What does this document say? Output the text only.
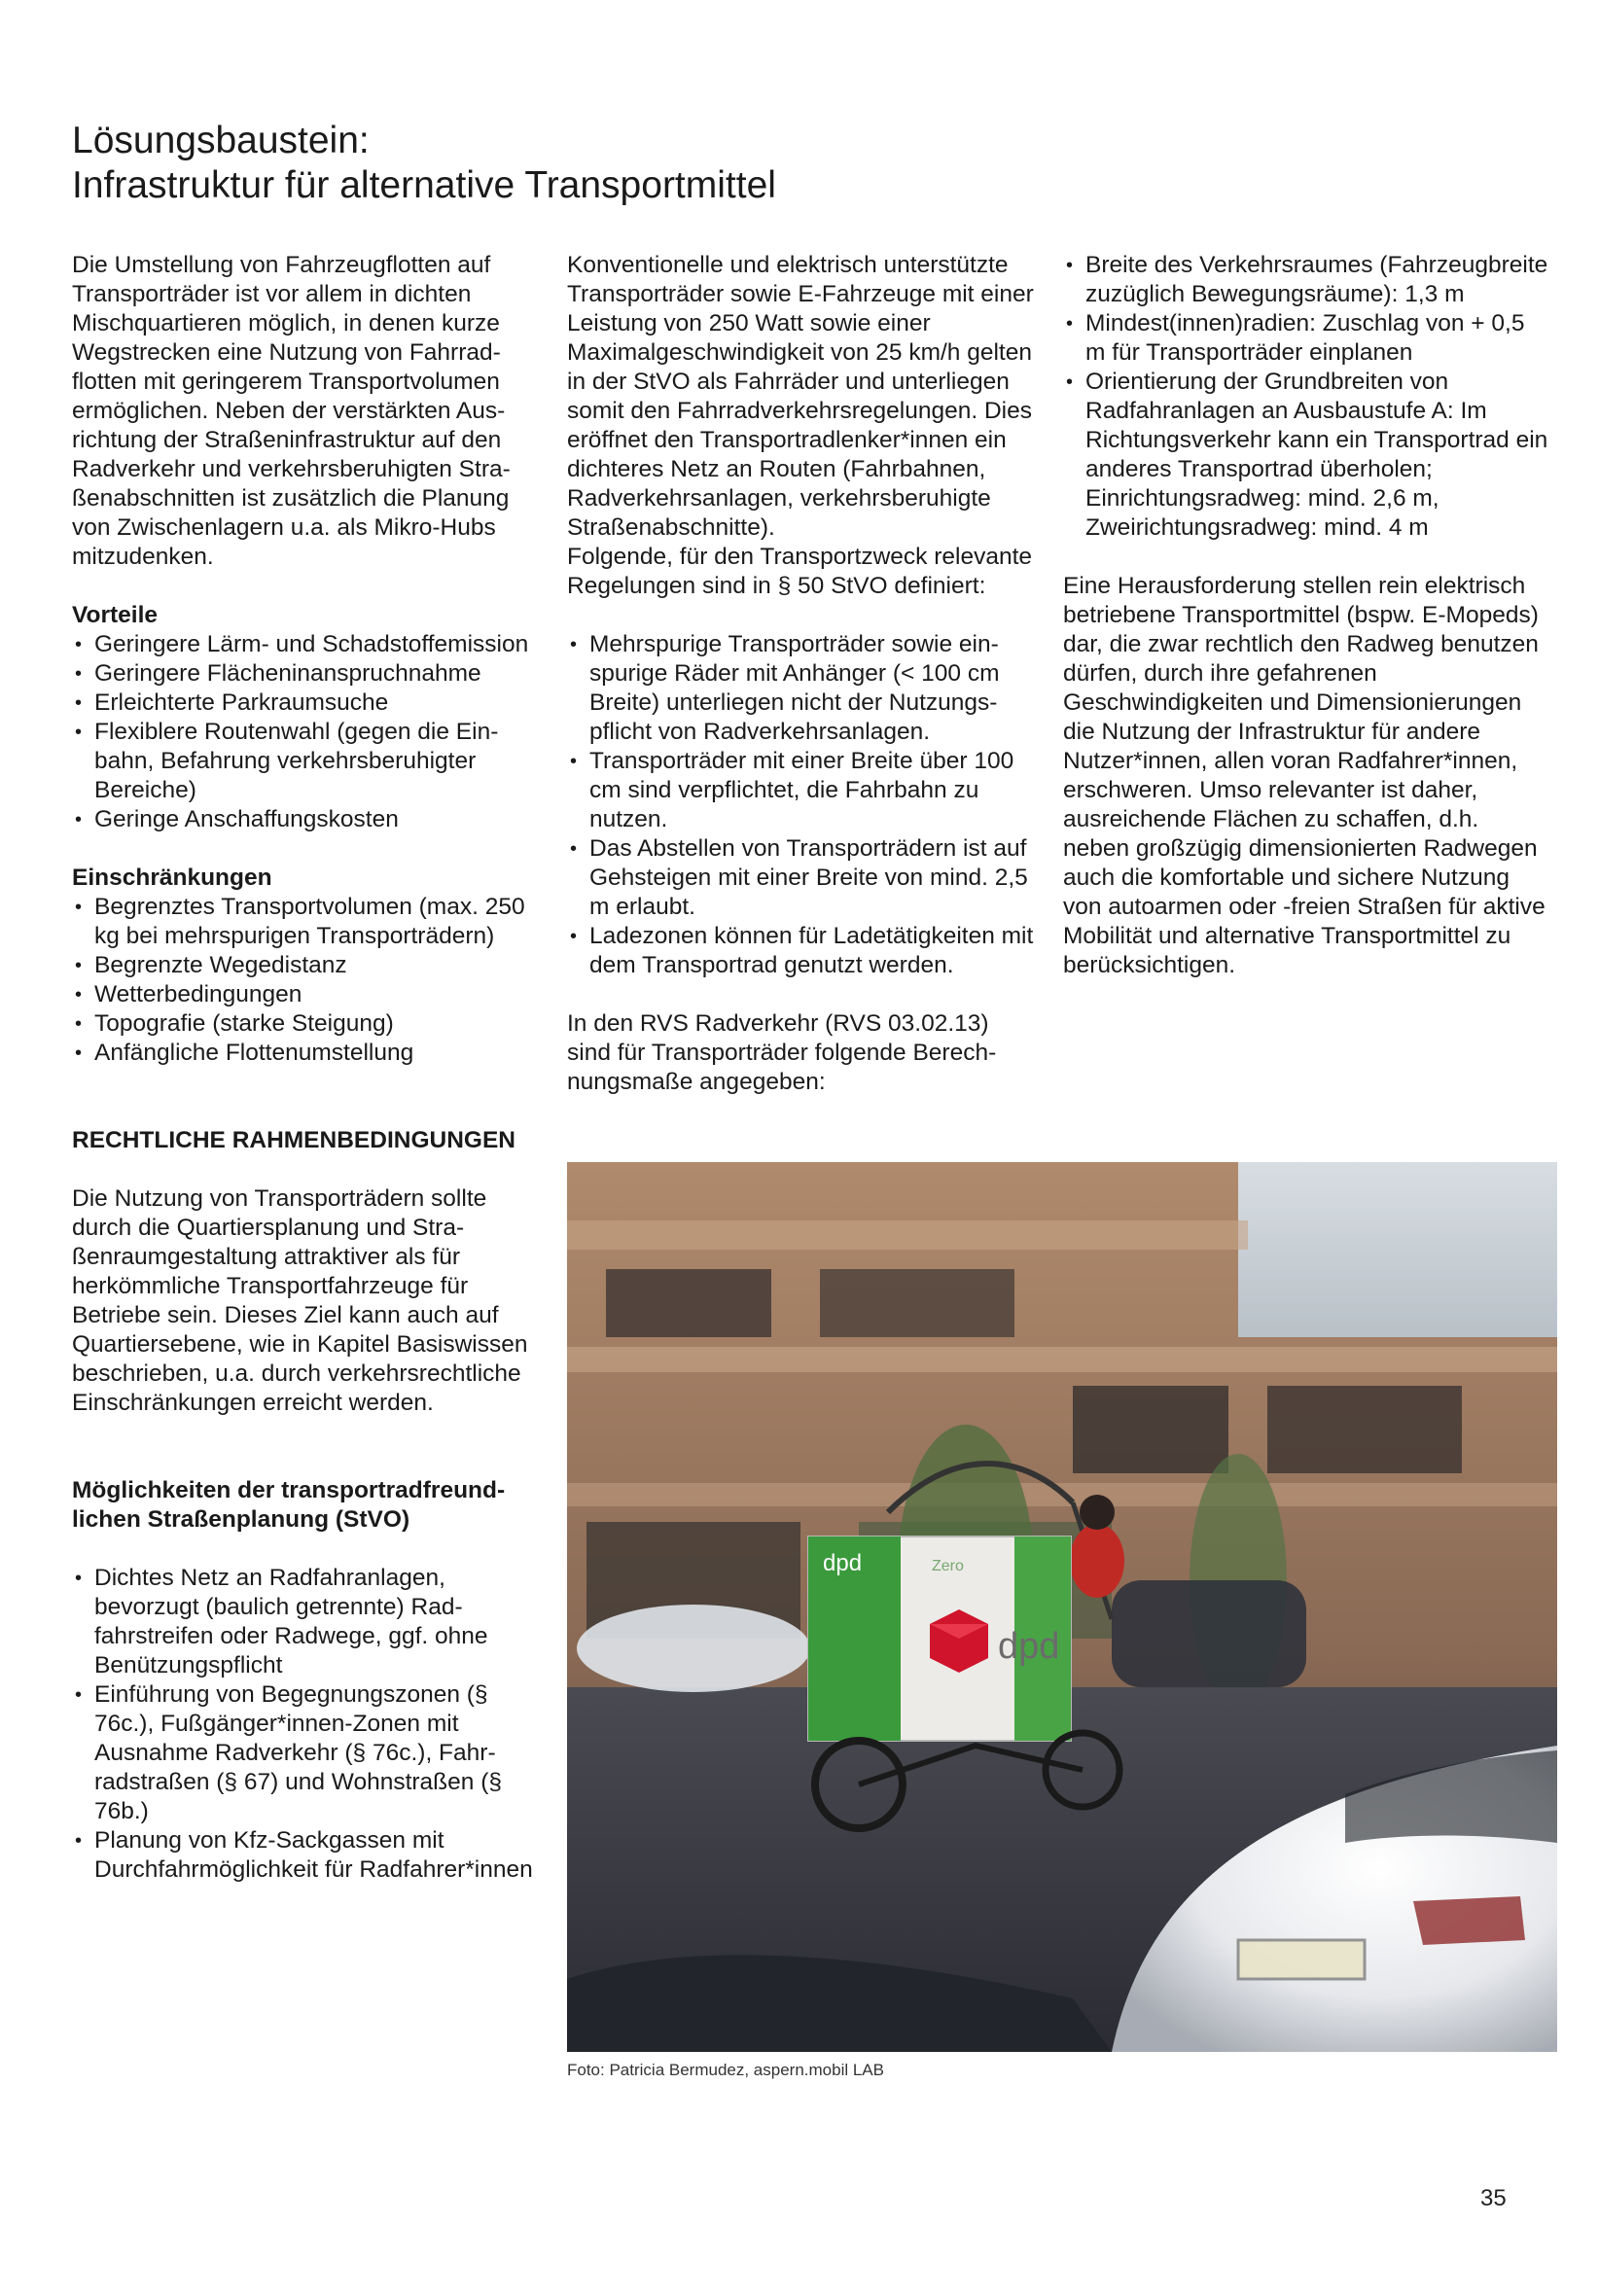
Lösungsbaustein:
Infrastruktur für alternative Transportmittel

Die Umstellung von Fahrzeugflotten auf Transporträder ist vor allem in dichten Mischquartieren möglich, in denen kurze Wegstrecken eine Nutzung von Fahrradflotten mit geringerem Transportvolumen ermöglichen. Neben der verstärkten Ausrichtung der Straßeninfrastruktur auf den Radverkehr und verkehrsberuhigten Straßenabschnitten ist zusätzlich die Planung von Zwischenlagern u.a. als Mikro-Hubs mitzudenken.

Vorteile
• Geringere Lärm- und Schadstoffemission
• Geringere Flächeninanspruchnahme
• Erleichterte Parkraumsuche
• Flexiblere Routenwahl (gegen die Einbahn, Befahrung verkehrsberuhigter Bereiche)
• Geringe Anschaffungskosten
Einschränkungen
• Begrenztes Transportvolumen (max. 250 kg bei mehrspurigen Transporträdern)
• Begrenzte Wegedistanz
• Wetterbedingungen
• Topografie (starke Steigung)
• Anfängliche Flottenumstellung
RECHTLICHE RAHMENBEDINGUNGEN

Die Nutzung von Transporträdern sollte durch die Quartiersplanung und Straßenraumgestaltung attraktiver als für herkömmliche Transportfahrzeuge für Betriebe sein. Dieses Ziel kann auch auf Quartiersebene, wie in Kapitel Basiswissen beschrieben, u.a. durch verkehrsrechtliche Einschränkungen erreicht werden.

Möglichkeiten der transportradfreundlichen Straßenplanung (StVO)
• Dichtes Netz an Radfahranlagen, bevorzugt (baulich getrennte) Radfahrstreifen oder Radwege, ggf. ohne Benützungspflicht
• Einführung von Begegnungszonen (§ 76c.), Fußgänger*innen-Zonen mit Ausnahme Radverkehr (§ 76c.), Fahrradstraßen (§ 67) und Wohnstraßen (§ 76b.)
• Planung von Kfz-Sackgassen mit Durchfahrmöglichkeit für Radfahrer*innen

Konventionelle und elektrisch unterstützte Transporträder sowie E-Fahrzeuge mit einer Leistung von 250 Watt sowie einer Maximalgeschwindigkeit von 25 km/h gelten in der StVO als Fahrräder und unterliegen somit den Fahrradverkehrsregelungen. Dies eröffnet den Transportradlenker*innen ein dichteres Netz an Routen (Fahrbahnen, Radverkehrsanlagen, verkehrsberuhigte Straßenabschnitte).

Folgende, für den Transportzweck relevante Regelungen sind in § 50 StVO definiert:

• Mehrspurige Transporträder sowie einspurige Räder mit Anhänger (< 100 cm Breite) unterliegen nicht der Nutzungspflicht von Radverkehrsanlagen.
• Transporträder mit einer Breite über 100 cm sind verpflichtet, die Fahrbahn zu nutzen.
• Das Abstellen von Transporträdern ist auf Gehsteigen mit einer Breite von mind. 2,5 m erlaubt.
• Ladezonen können für Ladetätigkeiten mit dem Transportrad genutzt werden.

In den RVS Radverkehr (RVS 03.02.13) sind für Transporträder folgende Berechnungsmaße angegeben:

• Breite des Verkehrsraumes (Fahrzeugbreite zuzüglich Bewegungsräume): 1,3 m
• Mindest(innen)radien: Zuschlag von + 0,5 m für Transporträder einplanen
• Orientierung der Grundbreiten von Radfahranlagen an Ausbaustufe A: Im Richtungsverkehr kann ein Transportrad ein anderes Transportrad überholen; Einrichtungsradweg: mind. 2,6 m, Zweirichtungsradweg: mind. 4 m

Eine Herausforderung stellen rein elektrisch betriebene Transportmittel (bspw. E-Mopeds) dar, die zwar rechtlich den Radweg benutzen dürfen, durch ihre gefahrenen Geschwindigkeiten und Dimensionierungen die Nutzung der Infrastruktur für andere Nutzer*innen, allen voran Radfahrer*innen, erschweren. Umso relevanter ist daher, ausreichende Flächen zu schaffen, d.h. neben großzügig dimensionierten Radwegen auch die komfortable und sichere Nutzung von autoarmen oder -freien Straßen für aktive Mobilität und alternative Transportmittel zu berücksichtigen.

dpd
dpd	Zero
Foto: Patricia Bermudez, aspern.mobil LAB
35
